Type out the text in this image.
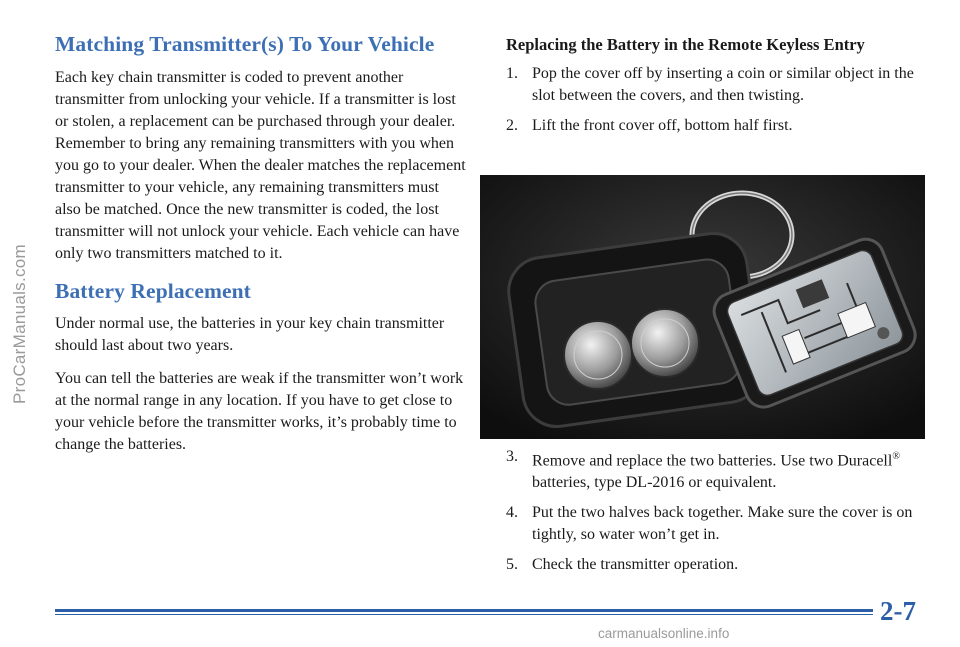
ProCarManuals.com
Matching Transmitter(s) To Your Vehicle

Each key chain transmitter is coded to prevent another transmitter from unlocking your vehicle. If a transmitter is lost or stolen, a replacement can be purchased through your dealer. Remember to bring any remaining transmitters with you when you go to your dealer. When the dealer matches the replacement transmitter to your vehicle, any remaining transmitters must also be matched. Once the new transmitter is coded, the lost transmitter will not unlock your vehicle. Each vehicle can have only two transmitters matched to it.

Battery Replacement

Under normal use, the batteries in your key chain transmitter should last about two years.

You can tell the batteries are weak if the transmitter won’t work at the normal range in any location. If you have to get close to your vehicle before the transmitter works, it’s probably time to change the batteries.

Replacing the Battery in the Remote Keyless Entry
1. Pop the cover off by inserting a coin or similar object in the slot between the covers, and then twisting.
2. Lift the front cover off, bottom half first.
3. Remove and replace the two batteries. Use two Duracell® batteries, type DL-2016 or equivalent.
4. Put the two halves back together. Make sure the cover is on tightly, so water won’t get in.
5. Check the transmitter operation.
2-7
carmanualsonline.info
